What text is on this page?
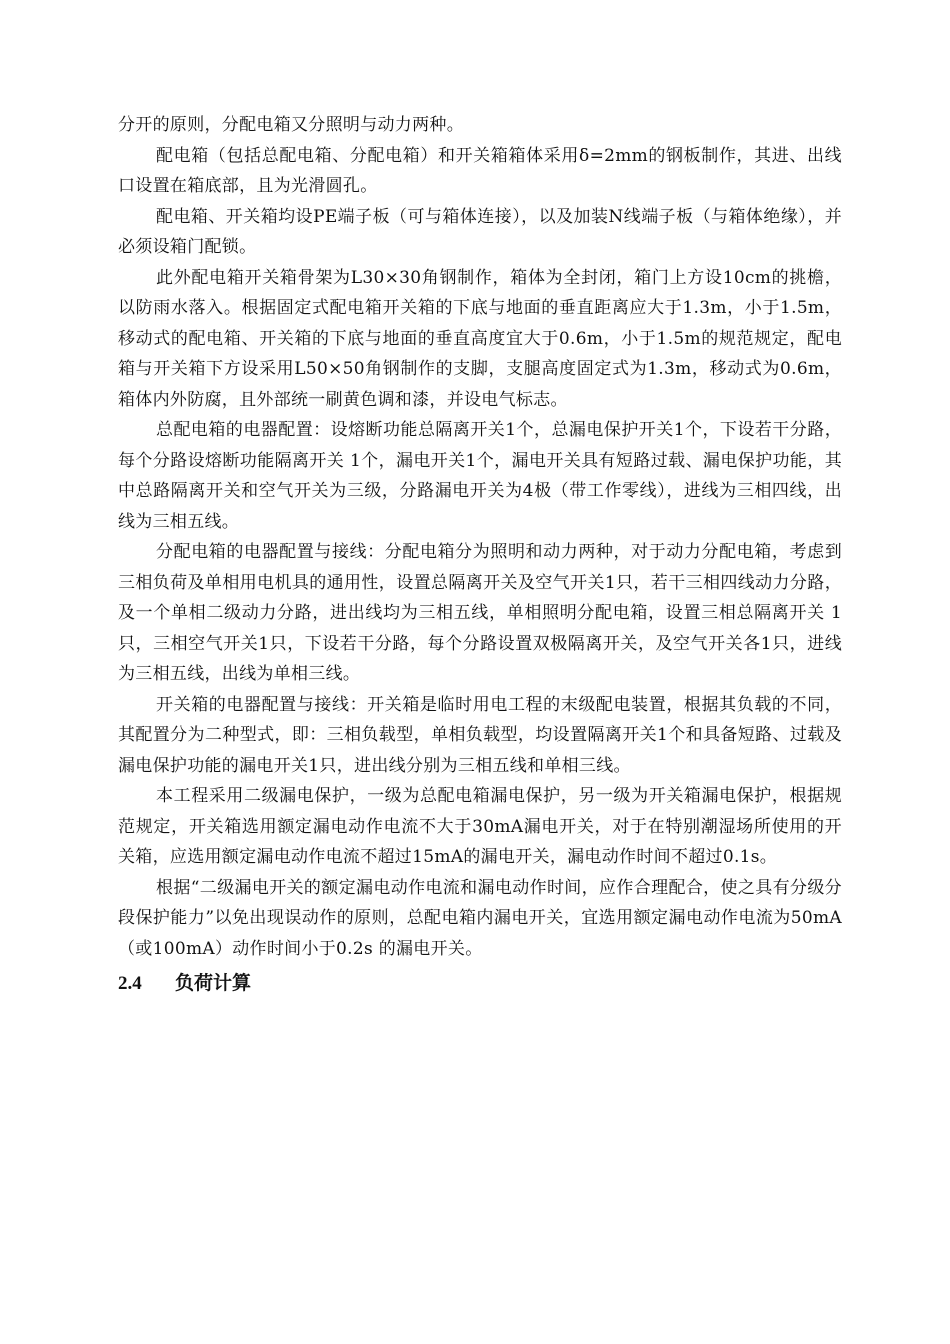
分开的原则，分配电箱又分照明与动力两种。

配电箱（包括总配电箱、分配电箱）和开关箱箱体采用δ=2mm的钢板制作，其进、出线口设置在箱底部，且为光滑圆孔。

配电箱、开关箱均设PE端子板（可与箱体连接），以及加装N线端子板（与箱体绝缘），并必须设箱门配锁。

此外配电箱开关箱骨架为L30×30角钢制作，箱体为全封闭，箱门上方设10cm的挑檐，以防雨水落入。根据固定式配电箱开关箱的下底与地面的垂直距离应大于1.3m，小于1.5m，移动式的配电箱、开关箱的下底与地面的垂直高度宜大于0.6m，小于1.5m的规范规定，配电箱与开关箱下方设采用L50×50角钢制作的支脚，支腿高度固定式为1.3m，移动式为0.6m，箱体内外防腐，且外部统一刷黄色调和漆，并设电气标志。

总配电箱的电器配置：设熔断功能总隔离开关1个，总漏电保护开关1个，下设若干分路，每个分路设熔断功能隔离开关 1个，漏电开关1个，漏电开关具有短路过载、漏电保护功能，其中总路隔离开关和空气开关为三级，分路漏电开关为4极（带工作零线），进线为三相四线，出线为三相五线。

分配电箱的电器配置与接线：分配电箱分为照明和动力两种，对于动力分配电箱，考虑到三相负荷及单相用电机具的通用性，设置总隔离开关及空气开关1只，若干三相四线动力分路，及一个单相二级动力分路，进出线均为三相五线，单相照明分配电箱，设置三相总隔离开关 1只，三相空气开关1只，下设若干分路，每个分路设置双极隔离开关，及空气开关各1只，进线为三相五线，出线为单相三线。

开关箱的电器配置与接线：开关箱是临时用电工程的末级配电装置，根据其负载的不同，其配置分为二种型式，即：三相负载型，单相负载型，均设置隔离开关1个和具备短路、过载及漏电保护功能的漏电开关1只，进出线分别为三相五线和单相三线。

本工程采用二级漏电保护，一级为总配电箱漏电保护，另一级为开关箱漏电保护，根据规范规定，开关箱选用额定漏电动作电流不大于30mA漏电开关，对于在特别潮湿场所使用的开关箱，应选用额定漏电动作电流不超过15mA的漏电开关，漏电动作时间不超过0.1s。

根据“二级漏电开关的额定漏电动作电流和漏电动作时间，应作合理配合，使之具有分级分段保护能力”以免出现误动作的原则，总配电箱内漏电开关，宜选用额定漏电动作电流为50mA（或100mA）动作时间小于0.2s 的漏电开关。

2.4 负荷计算
